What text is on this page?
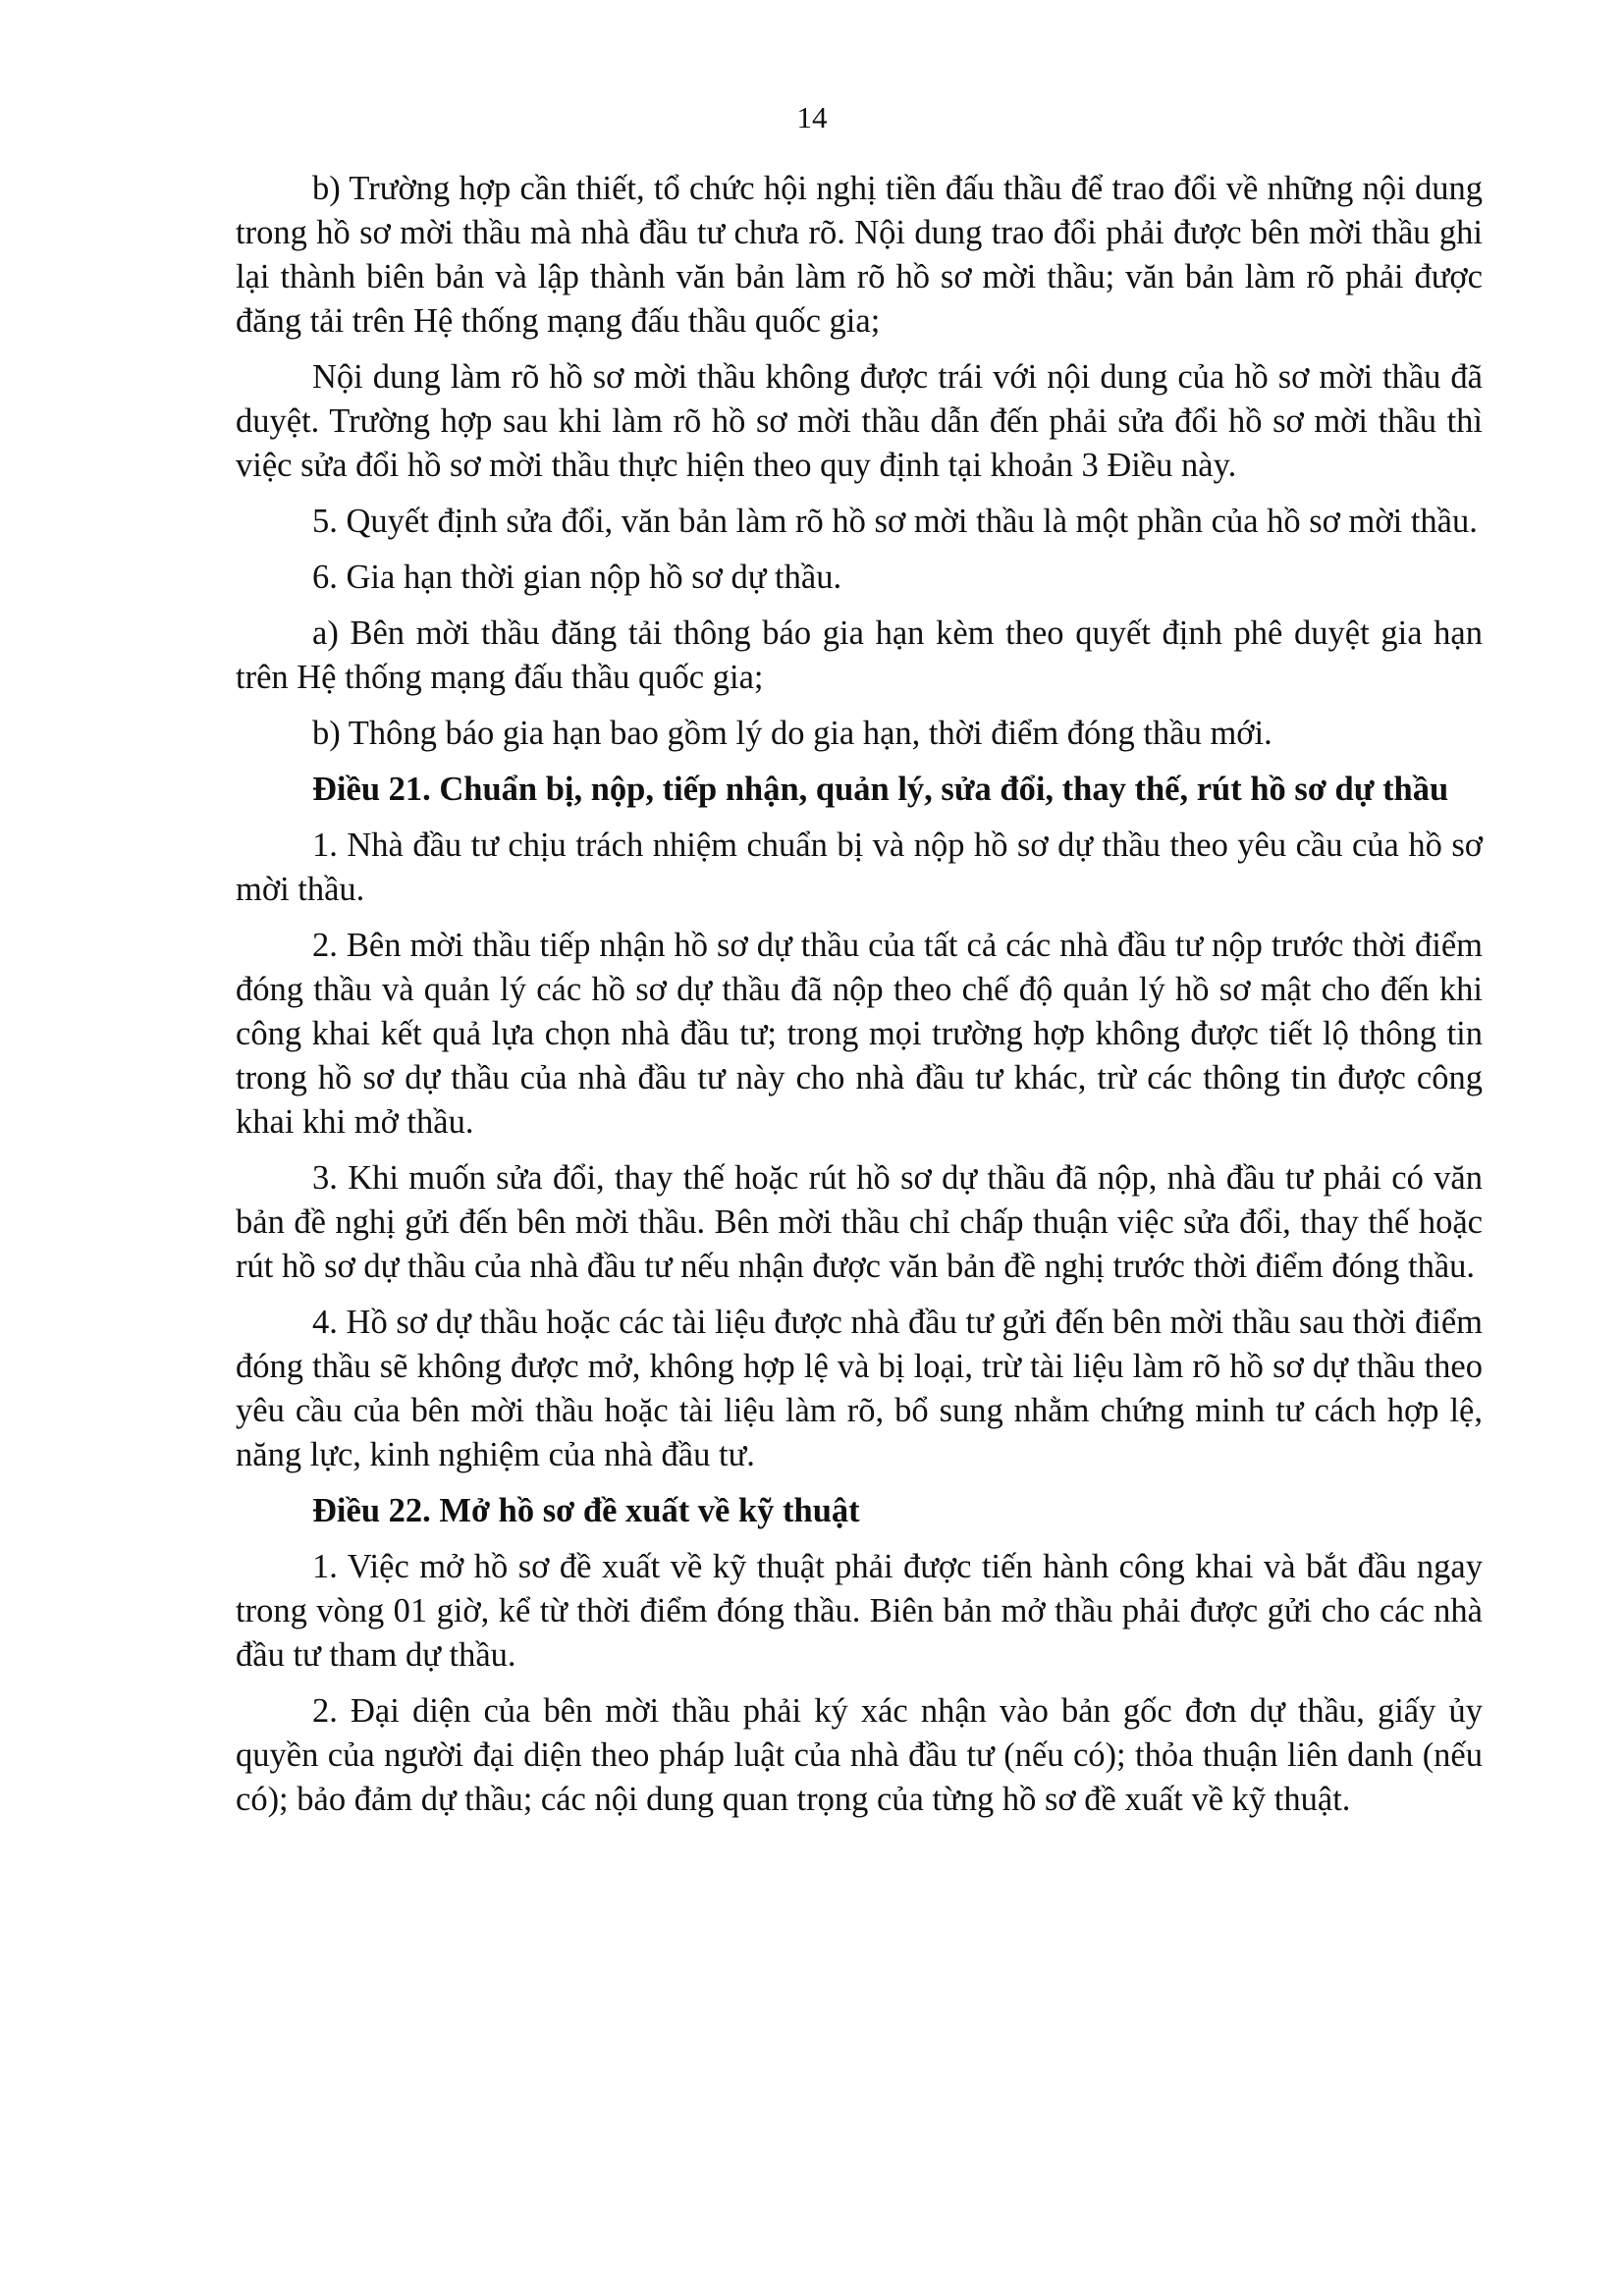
14

b) Trường hợp cần thiết, tổ chức hội nghị tiền đấu thầu để trao đổi về những nội dung trong hồ sơ mời thầu mà nhà đầu tư chưa rõ. Nội dung trao đổi phải được bên mời thầu ghi lại thành biên bản và lập thành văn bản làm rõ hồ sơ mời thầu; văn bản làm rõ phải được đăng tải trên Hệ thống mạng đấu thầu quốc gia;

Nội dung làm rõ hồ sơ mời thầu không được trái với nội dung của hồ sơ mời thầu đã duyệt. Trường hợp sau khi làm rõ hồ sơ mời thầu dẫn đến phải sửa đổi hồ sơ mời thầu thì việc sửa đổi hồ sơ mời thầu thực hiện theo quy định tại khoản 3 Điều này.

5. Quyết định sửa đổi, văn bản làm rõ hồ sơ mời thầu là một phần của hồ sơ mời thầu.

6. Gia hạn thời gian nộp hồ sơ dự thầu.

a) Bên mời thầu đăng tải thông báo gia hạn kèm theo quyết định phê duyệt gia hạn trên Hệ thống mạng đấu thầu quốc gia;

b) Thông báo gia hạn bao gồm lý do gia hạn, thời điểm đóng thầu mới.

Điều 21. Chuẩn bị, nộp, tiếp nhận, quản lý, sửa đổi, thay thế, rút hồ sơ dự thầu

1. Nhà đầu tư chịu trách nhiệm chuẩn bị và nộp hồ sơ dự thầu theo yêu cầu của hồ sơ mời thầu.

2. Bên mời thầu tiếp nhận hồ sơ dự thầu của tất cả các nhà đầu tư nộp trước thời điểm đóng thầu và quản lý các hồ sơ dự thầu đã nộp theo chế độ quản lý hồ sơ mật cho đến khi công khai kết quả lựa chọn nhà đầu tư; trong mọi trường hợp không được tiết lộ thông tin trong hồ sơ dự thầu của nhà đầu tư này cho nhà đầu tư khác, trừ các thông tin được công khai khi mở thầu.

3. Khi muốn sửa đổi, thay thế hoặc rút hồ sơ dự thầu đã nộp, nhà đầu tư phải có văn bản đề nghị gửi đến bên mời thầu. Bên mời thầu chỉ chấp thuận việc sửa đổi, thay thế hoặc rút hồ sơ dự thầu của nhà đầu tư nếu nhận được văn bản đề nghị trước thời điểm đóng thầu.

4. Hồ sơ dự thầu hoặc các tài liệu được nhà đầu tư gửi đến bên mời thầu sau thời điểm đóng thầu sẽ không được mở, không hợp lệ và bị loại, trừ tài liệu làm rõ hồ sơ dự thầu theo yêu cầu của bên mời thầu hoặc tài liệu làm rõ, bổ sung nhằm chứng minh tư cách hợp lệ, năng lực, kinh nghiệm của nhà đầu tư.

Điều 22. Mở hồ sơ đề xuất về kỹ thuật

1. Việc mở hồ sơ đề xuất về kỹ thuật phải được tiến hành công khai và bắt đầu ngay trong vòng 01 giờ, kể từ thời điểm đóng thầu. Biên bản mở thầu phải được gửi cho các nhà đầu tư tham dự thầu.

2. Đại diện của bên mời thầu phải ký xác nhận vào bản gốc đơn dự thầu, giấy ủy quyền của người đại diện theo pháp luật của nhà đầu tư (nếu có); thỏa thuận liên danh (nếu có); bảo đảm dự thầu; các nội dung quan trọng của từng hồ sơ đề xuất về kỹ thuật.
